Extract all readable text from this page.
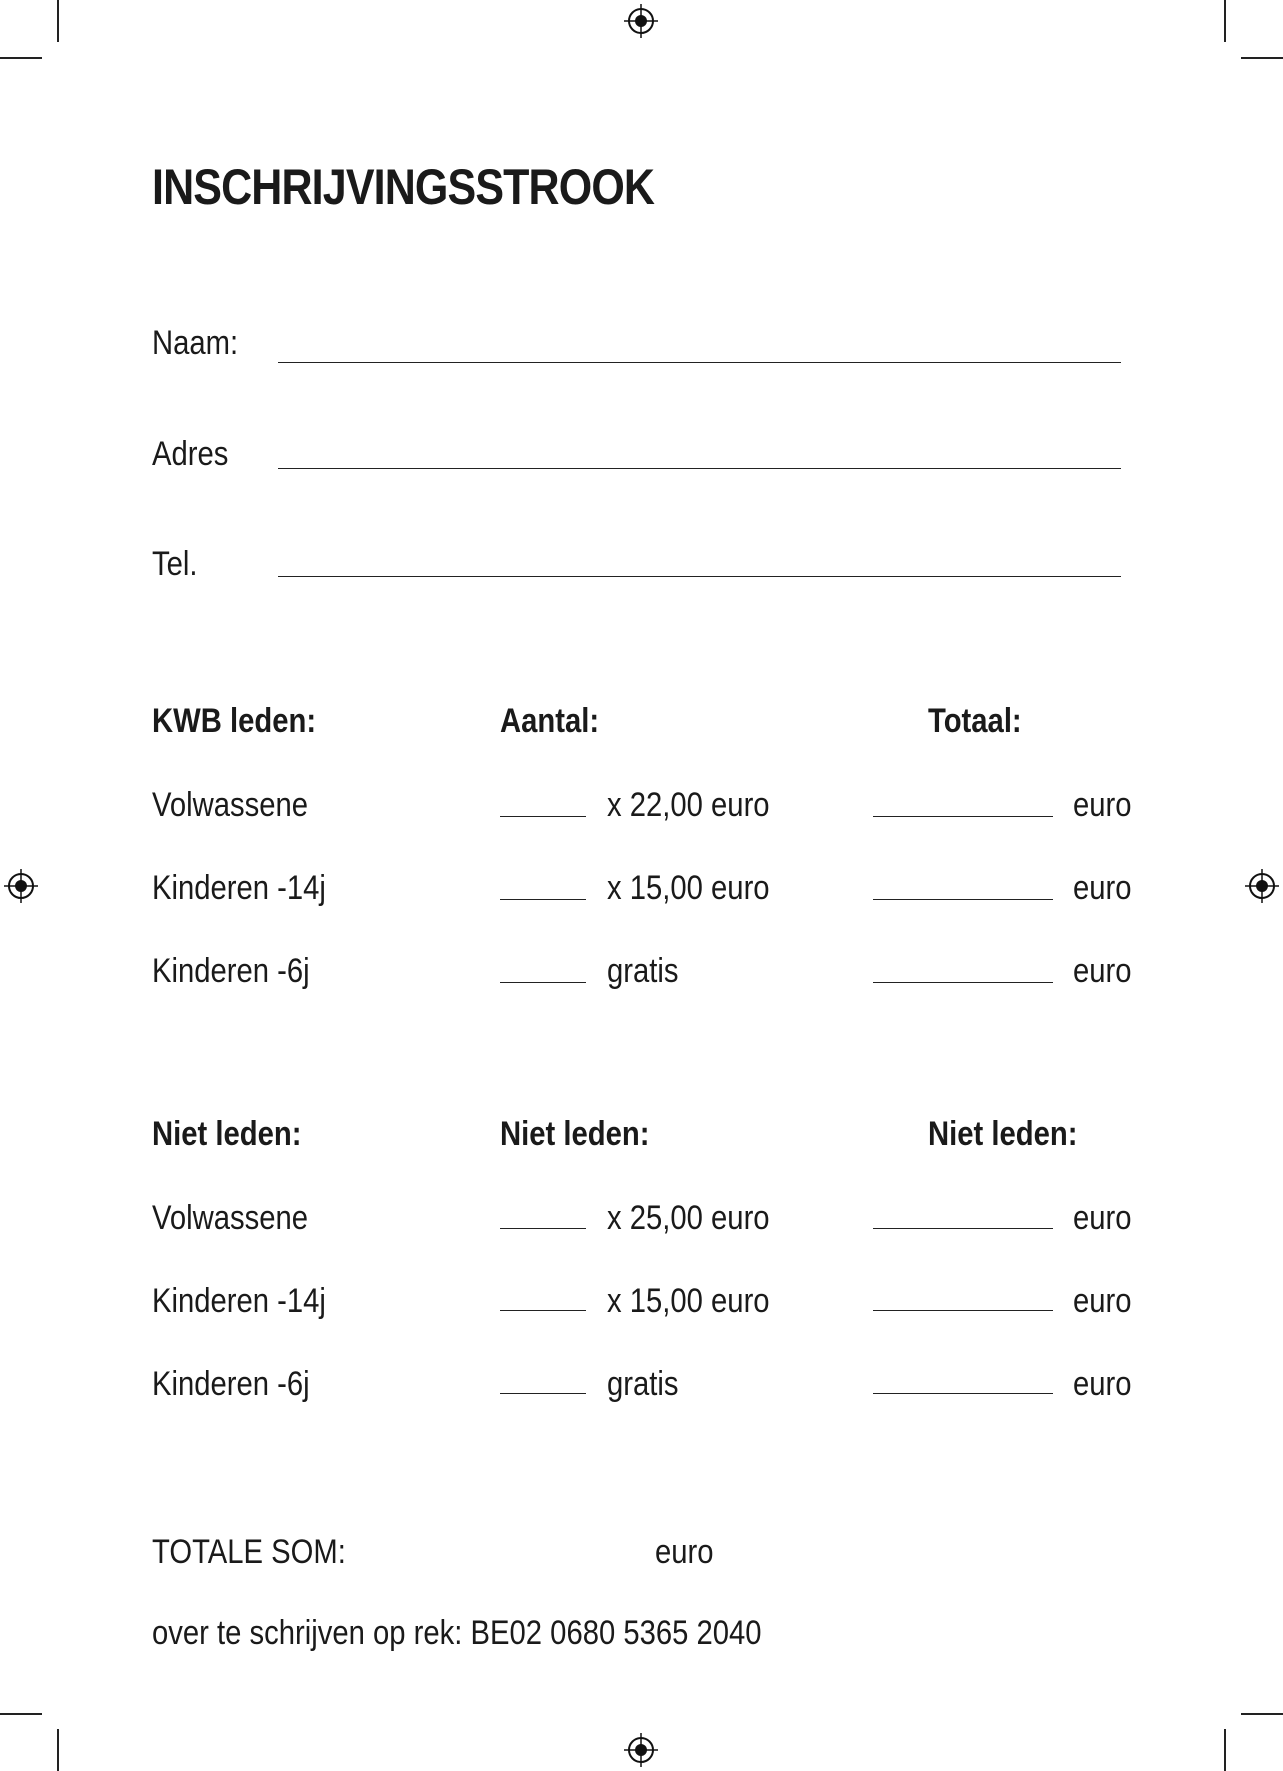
INSCHRIJVINGSSTROOK
Naam:
Adres
Tel.
KWB leden:	Aantal:	Totaal:
Volwassene	x 22,00 euro	euro
Kinderen -14j	x 15,00 euro	euro
Kinderen -6j	gratis	euro
Niet leden:	Niet leden:	Niet leden:
Volwassene	x 25,00 euro	euro
Kinderen -14j	x 15,00 euro	euro
Kinderen -6j	gratis	euro
TOTALE SOM:	euro
over te schrijven op rek: BE02 0680 5365 2040
